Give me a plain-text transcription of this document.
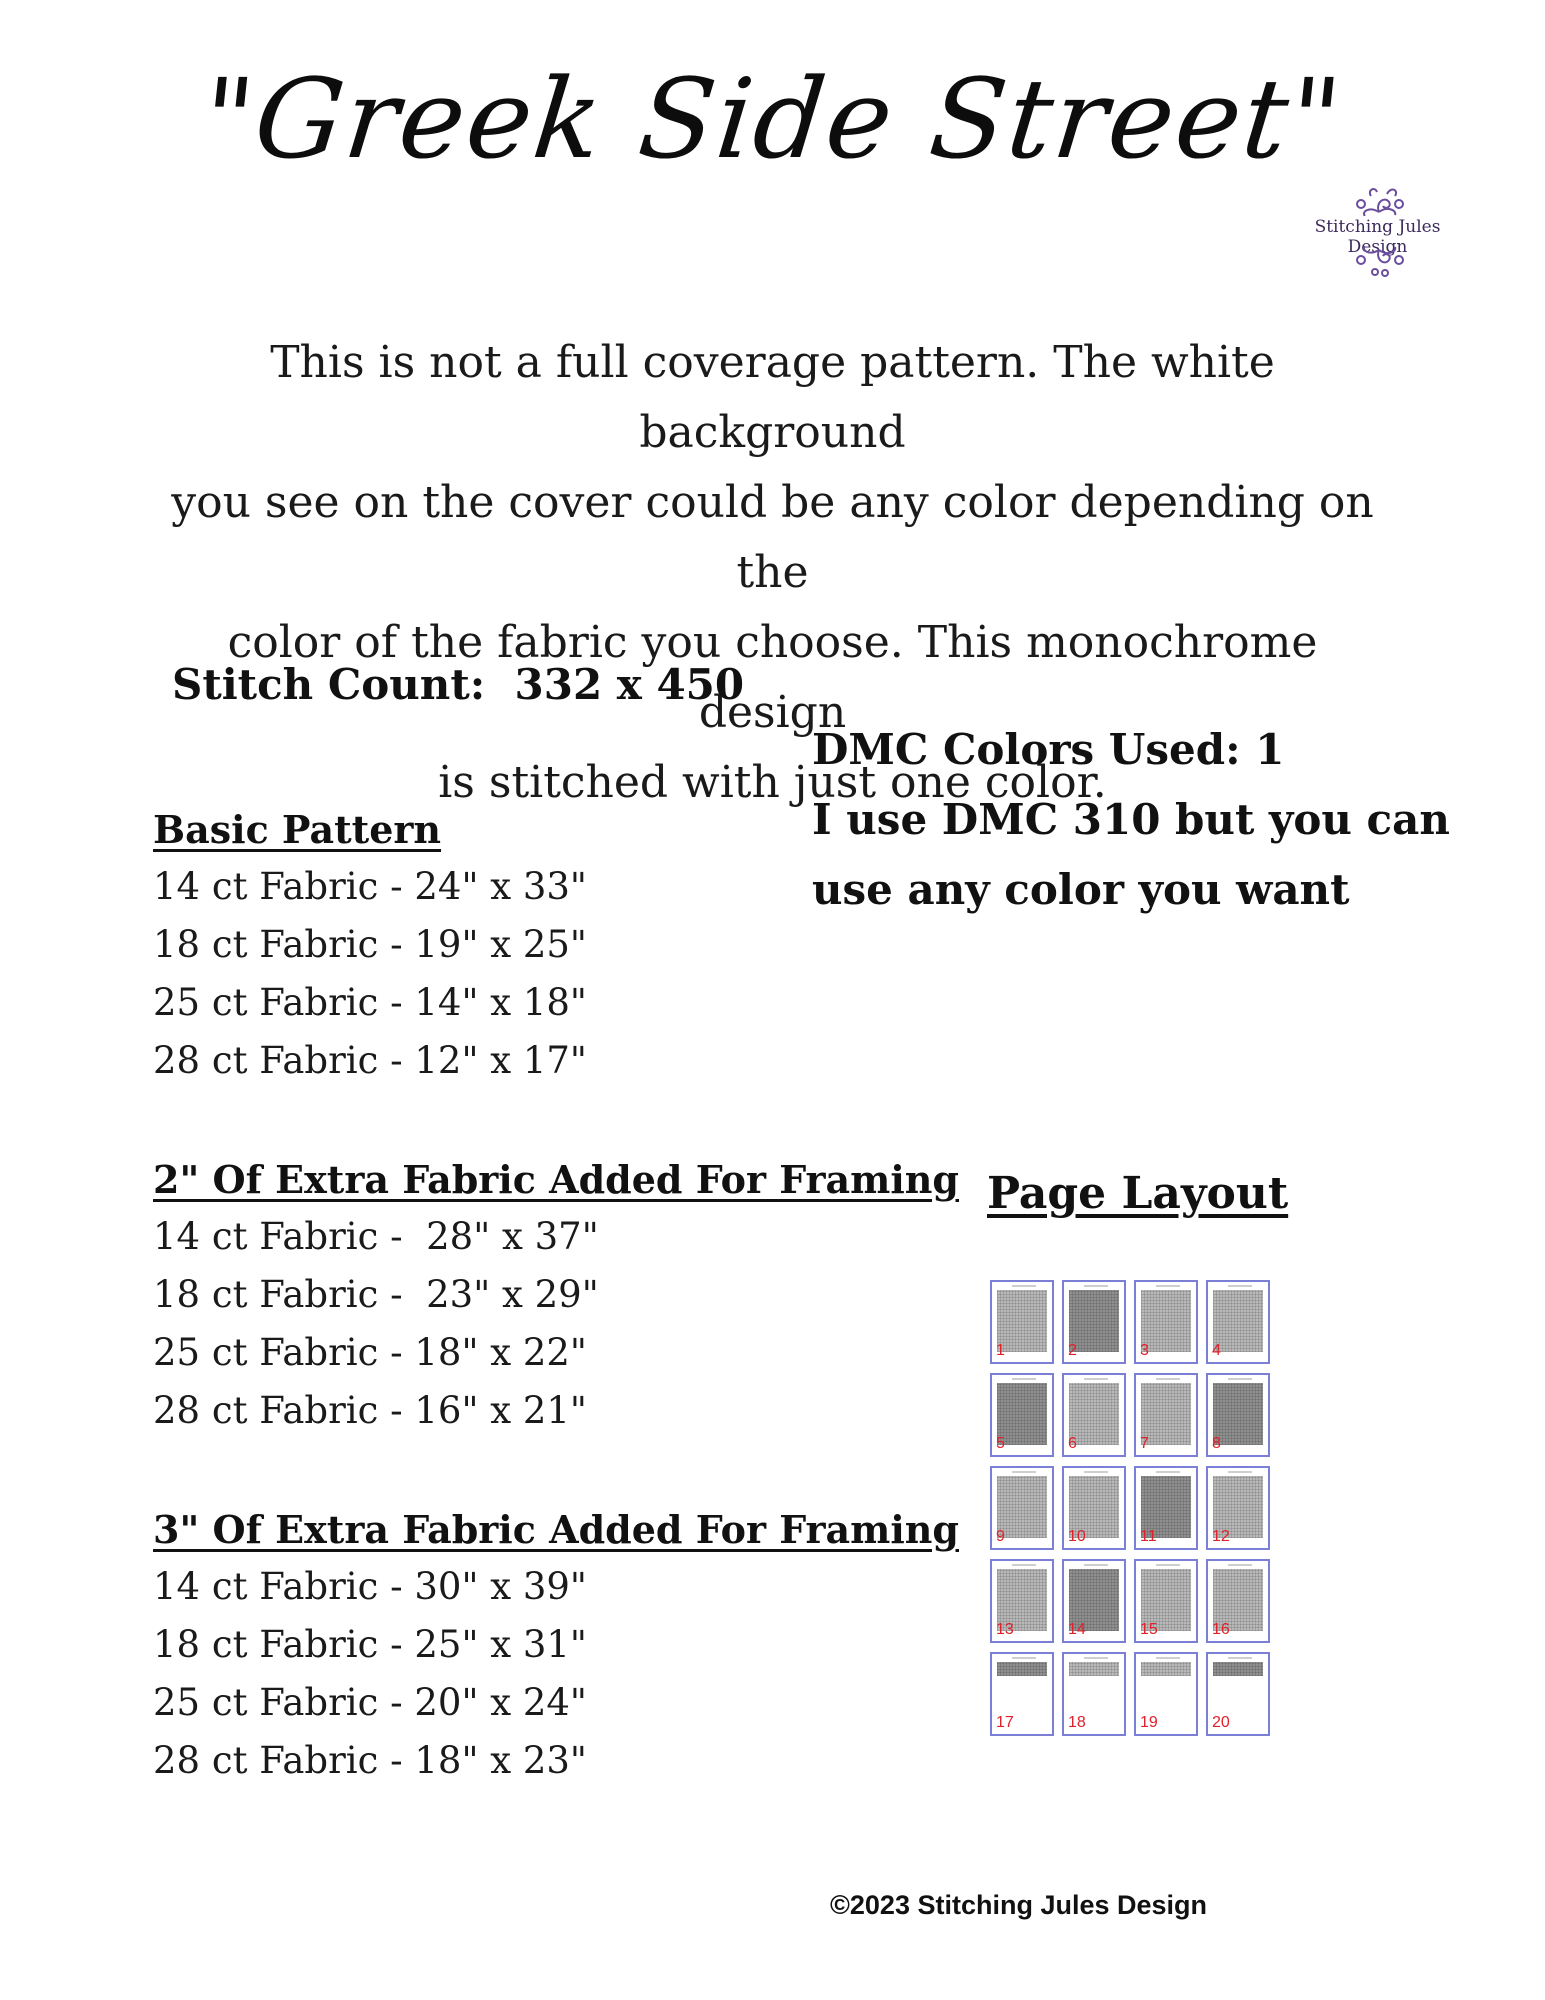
"Greek Side Street"
Stitching Jules Design
This is not a full coverage pattern. The white background
you see on the cover could be any color depending on the
color of the fabric you choose. This monochrome design
is stitched with just one color.
Stitch Count: 332 x 450
DMC Colors Used: 1
I use DMC 310 but you can
use any color you want
Basic Pattern

14 ct Fabric - 24" x 33"

18 ct Fabric - 19" x 25"

25 ct Fabric - 14" x 18"

28 ct Fabric - 12" x 17"

2" Of Extra Fabric Added For Framing

14 ct Fabric -  28" x 37"

18 ct Fabric -  23" x 29"

25 ct Fabric - 18" x 22"

28 ct Fabric - 16" x 21"

3" Of Extra Fabric Added For Framing

14 ct Fabric - 30" x 39"

18 ct Fabric - 25" x 31"

25 ct Fabric - 20" x 24"

28 ct Fabric - 18" x 23"

Page Layout
1	2	3	4
5	6	7	8
9	10	11	12
13	14	15	16
17	18	19	20
©2023 Stitching Jules Design
